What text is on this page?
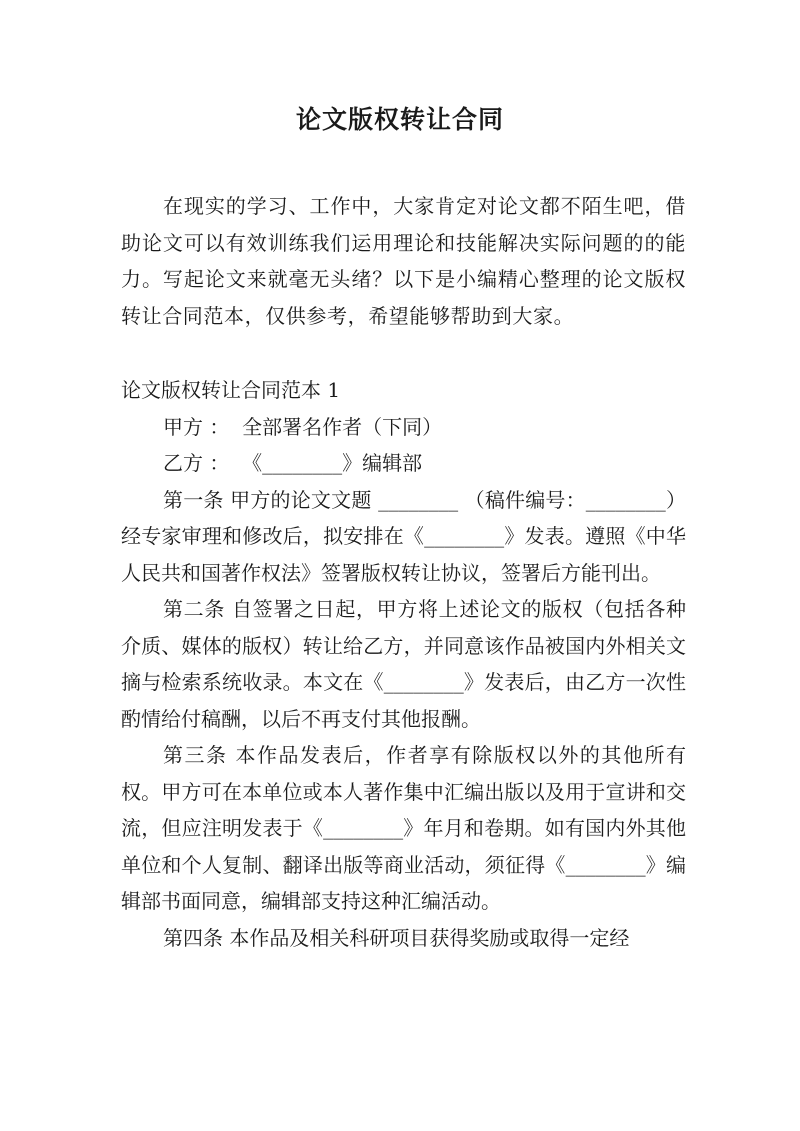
论文版权转让合同

在现实的学习、工作中，大家肯定对论文都不陌生吧，借助论文可以有效训练我们运用理论和技能解决实际问题的的能力。写起论文来就毫无头绪？以下是小编精心整理的论文版权转让合同范本，仅供参考，希望能够帮助到大家。

论文版权转让合同范本 1

甲方 ：  全部署名作者（下同）

乙方 ：  《________》编辑部

第一条 甲方的论文文题 ________ （稿件编号：________）经专家审理和修改后，拟安排在《________》发表。遵照《中华人民共和国著作权法》签署版权转让协议，签署后方能刊出。

第二条 自签署之日起，甲方将上述论文的版权（包括各种介质、媒体的版权）转让给乙方，并同意该作品被国内外相关文摘与检索系统收录。本文在《________》发表后，由乙方一次性酌情给付稿酬，以后不再支付其他报酬。

第三条 本作品发表后，作者享有除版权以外的其他所有权。甲方可在本单位或本人著作集中汇编出版以及用于宣讲和交流，但应注明发表于《________》年月和卷期。如有国内外其他单位和个人复制、翻译出版等商业活动，须征得《________》编辑部书面同意，编辑部支持这种汇编活动。

第四条 本作品及相关科研项目获得奖励或取得一定经
